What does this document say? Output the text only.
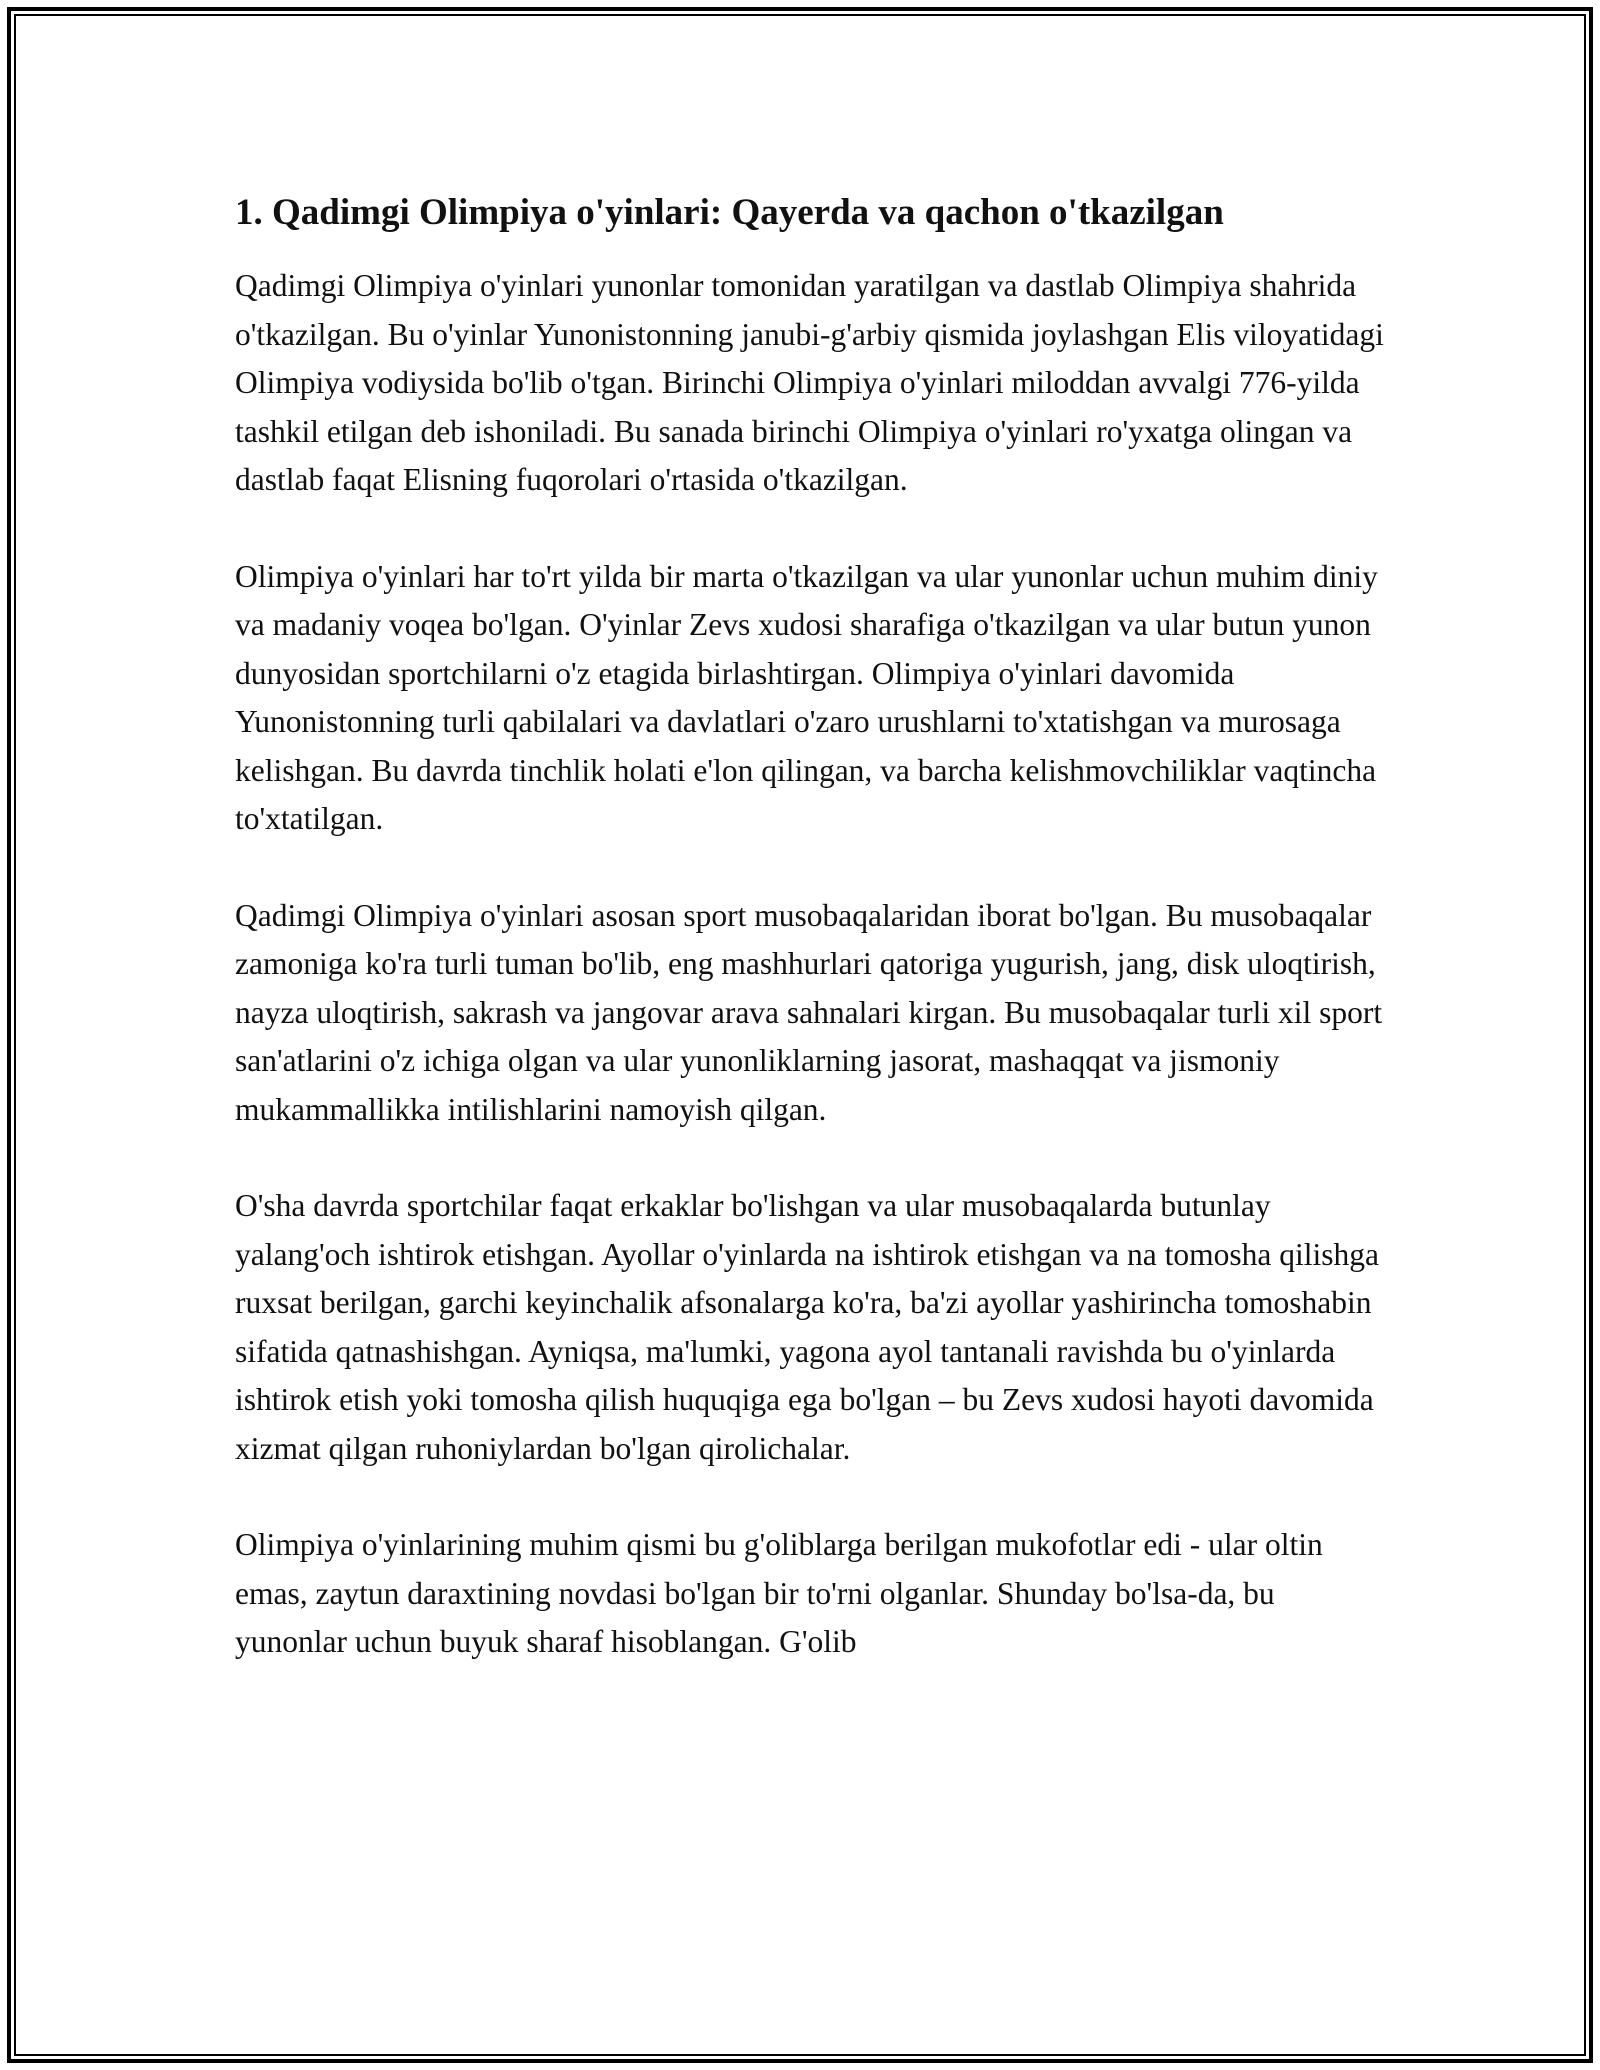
1. Qadimgi Olimpiya o'yinlari: Qayerda va qachon o'tkazilgan

Qadimgi Olimpiya o'yinlari yunonlar tomonidan yaratilgan va dastlab Olimpiya shahrida o'tkazilgan. Bu o'yinlar Yunonistonning janubi-g'arbiy qismida joylashgan Elis viloyatidagi Olimpiya vodiysida bo'lib o'tgan. Birinchi Olimpiya o'yinlari miloddan avvalgi 776-yilda tashkil etilgan deb ishoniladi. Bu sanada birinchi Olimpiya o'yinlari ro'yxatga olingan va dastlab faqat Elisning fuqorolari o'rtasida o'tkazilgan.

Olimpiya o'yinlari har to'rt yilda bir marta o'tkazilgan va ular yunonlar uchun muhim diniy va madaniy voqea bo'lgan. O'yinlar Zevs xudosi sharafiga o'tkazilgan va ular butun yunon dunyosidan sportchilarni o'z etagida birlashtirgan. Olimpiya o'yinlari davomida Yunonistonning turli qabilalari va davlatlari o'zaro urushlarni to'xtatishgan va murosaga kelishgan. Bu davrda tinchlik holati e'lon qilingan, va barcha kelishmovchiliklar vaqtincha to'xtatilgan.

Qadimgi Olimpiya o'yinlari asosan sport musobaqalaridan iborat bo'lgan. Bu musobaqalar zamoniga ko'ra turli tuman bo'lib, eng mashhurlari qatoriga yugurish, jang, disk uloqtirish, nayza uloqtirish, sakrash va jangovar arava sahnalari kirgan. Bu musobaqalar turli xil sport san'atlarini o'z ichiga olgan va ular yunonliklarning jasorat, mashaqqat va jismoniy mukammallikka intilishlarini namoyish qilgan.

O'sha davrda sportchilar faqat erkaklar bo'lishgan va ular musobaqalarda butunlay yalang'och ishtirok etishgan. Ayollar o'yinlarda na ishtirok etishgan va na tomosha qilishga ruxsat berilgan, garchi keyinchalik afsonalarga ko'ra, ba'zi ayollar yashirincha tomoshabin sifatida qatnashishgan. Ayniqsa, ma'lumki, yagona ayol tantanali ravishda bu o'yinlarda ishtirok etish yoki tomosha qilish huquqiga ega bo'lgan – bu Zevs xudosi hayoti davomida xizmat qilgan ruhoniylardan bo'lgan qirolichalar.

Olimpiya o'yinlarining muhim qismi bu g'oliblarga berilgan mukofotlar edi - ular oltin emas, zaytun daraxtining novdasi bo'lgan bir to'rni olganlar. Shunday bo'lsa-da, bu yunonlar uchun buyuk sharaf hisoblangan. G'olib
